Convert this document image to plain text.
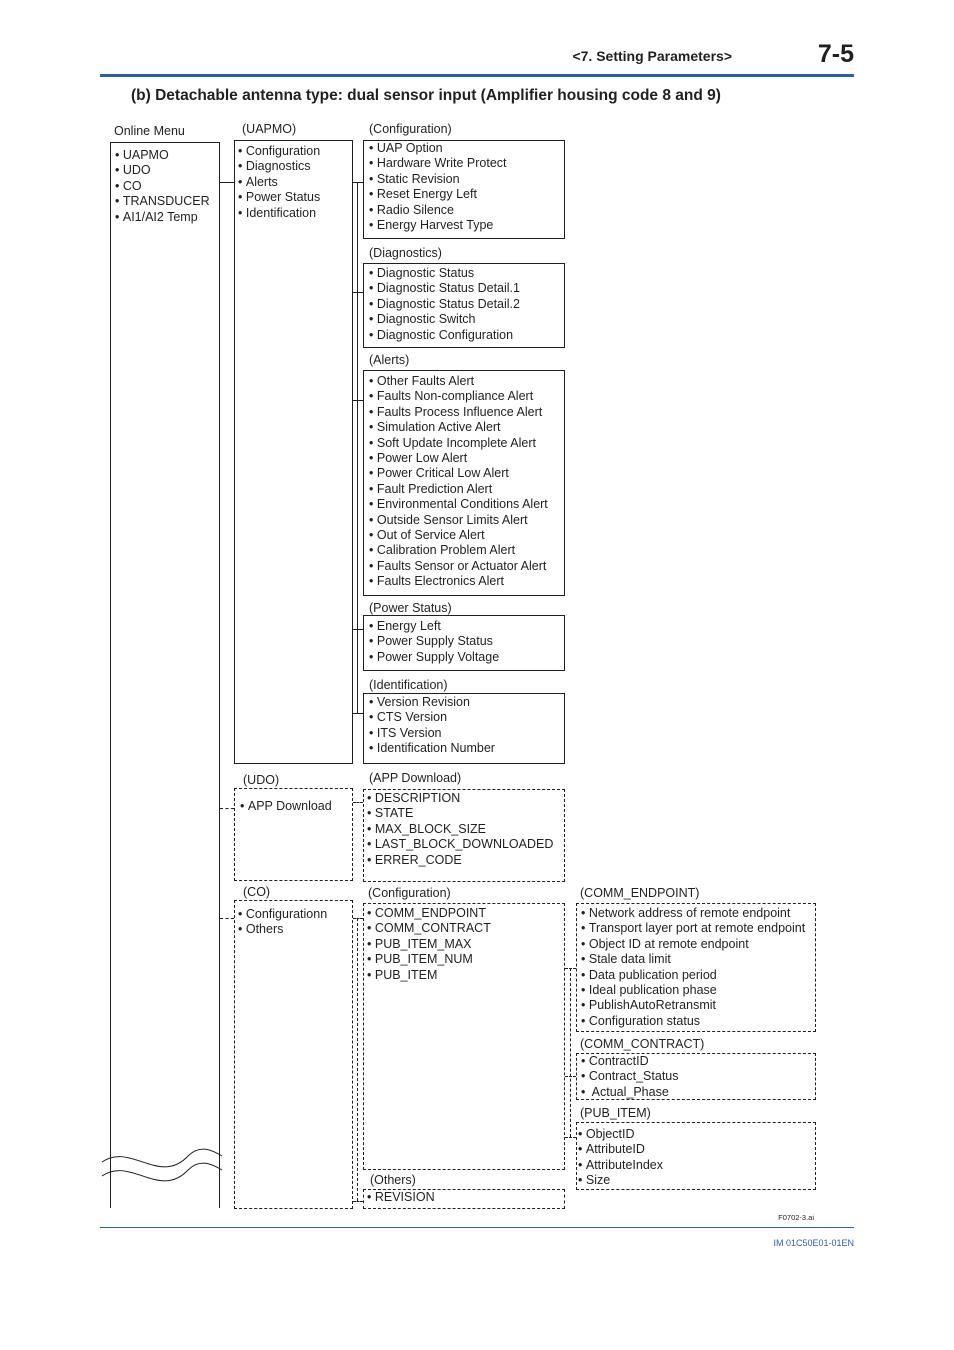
<7. Setting Parameters>	7-5
(b) Detachable antenna type: dual sensor input (Amplifier housing code 8 and 9)
Online Menu
• UAPMO
• UDO
• CO
• TRANSDUCER
• AI1/AI2 Temp
(UAPMO)
• Configuration
• Diagnostics
• Alerts
• Power Status
• Identification
(UDO)
• APP Download
(CO)
• Configurationn
• Others
(Configuration)
• UAP Option
• Hardware Write Protect
• Static Revision
• Reset Energy Left
• Radio Silence
• Energy Harvest Type
(Diagnostics)
• Diagnostic Status
• Diagnostic Status Detail.1
• Diagnostic Status Detail.2
• Diagnostic Switch
• Diagnostic Configuration
(Alerts)
• Other Faults Alert
• Faults Non-compliance Alert
• Faults Process Influence Alert
• Simulation Active Alert
• Soft Update Incomplete Alert
• Power Low Alert
• Power Critical Low Alert
• Fault Prediction Alert
• Environmental Conditions Alert
• Outside Sensor Limits Alert
• Out of Service Alert
• Calibration Problem Alert
• Faults Sensor or Actuator Alert
• Faults Electronics Alert
(Power Status)
• Energy Left
• Power Supply Status
• Power Supply Voltage
(Identification)
• Version Revision
• CTS Version
• ITS Version
• Identification Number
(APP Download)
• DESCRIPTION
• STATE
• MAX_BLOCK_SIZE
• LAST_BLOCK_DOWNLOADED
• ERRER_CODE
(Configuration)
• COMM_ENDPOINT
• COMM_CONTRACT
• PUB_ITEM_MAX
• PUB_ITEM_NUM
• PUB_ITEM
(Others)
• REVISION
(COMM_ENDPOINT)
• Network address of remote endpoint
• Transport layer port at remote endpoint
• Object ID at remote endpoint
• Stale data limit
• Data publication period
• Ideal publication phase
• PublishAutoRetransmit
• Configuration status
(COMM_CONTRACT)
• ContractID
• Contract_Status
•  Actual_Phase
(PUB_ITEM)
• ObjectID
• AttributeID
• AttributeIndex
• Size
F0702-3.ai
IM 01C50E01-01EN
